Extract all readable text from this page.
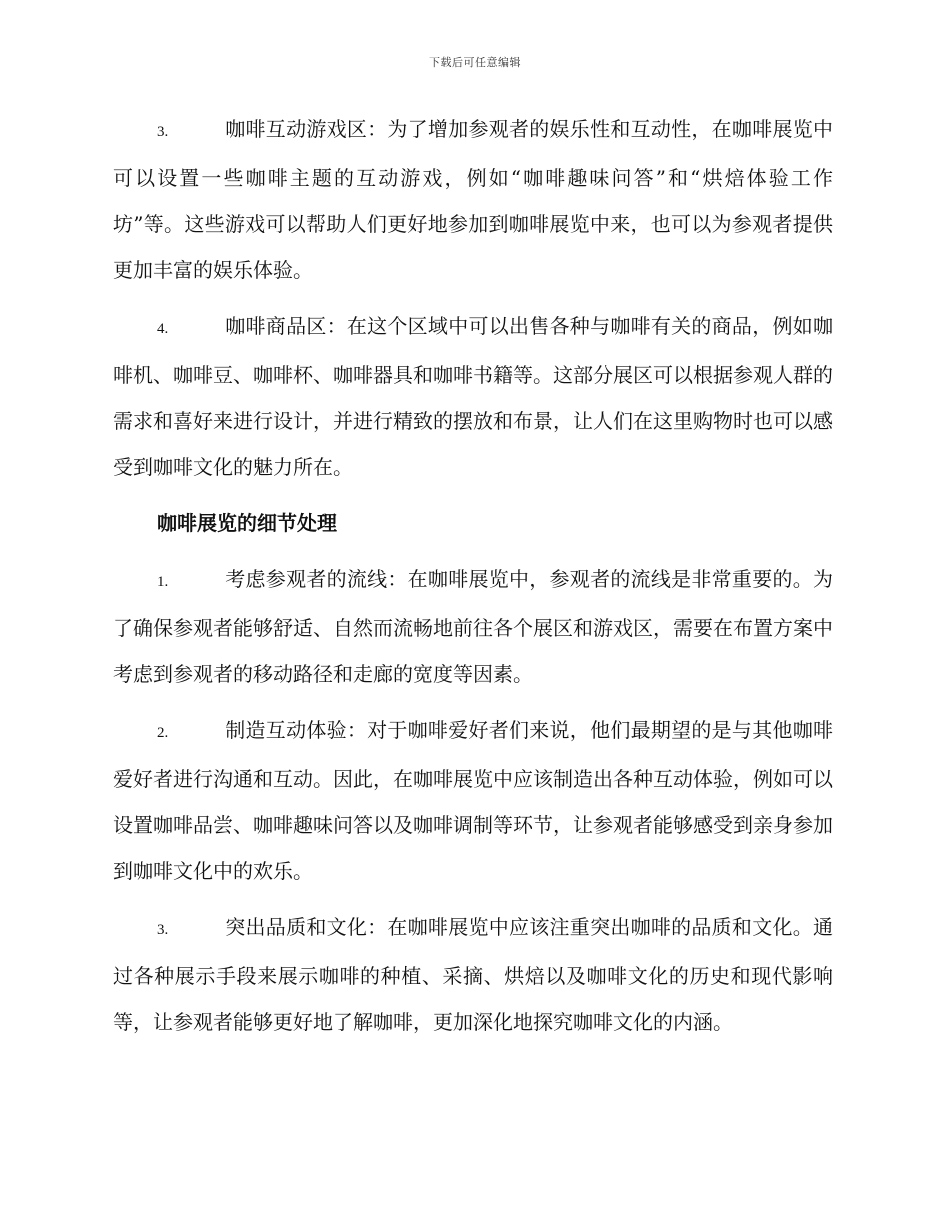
下载后可任意编辑

3.	咖啡互动游戏区：为了增加参观者的娱乐性和互动性，在咖啡展览中可以设置一些咖啡主题的互动游戏，例如“咖啡趣味问答”和“烘焙体验工作坊”等。这些游戏可以帮助人们更好地参加到咖啡展览中来，也可以为参观者提供更加丰富的娱乐体验。

4.	咖啡商品区：在这个区域中可以出售各种与咖啡有关的商品，例如咖啡机、咖啡豆、咖啡杯、咖啡器具和咖啡书籍等。这部分展区可以根据参观人群的需求和喜好来进行设计，并进行精致的摆放和布景，让人们在这里购物时也可以感受到咖啡文化的魅力所在。

咖啡展览的细节处理

1.	考虑参观者的流线：在咖啡展览中，参观者的流线是非常重要的。为了确保参观者能够舒适、自然而流畅地前往各个展区和游戏区，需要在布置方案中考虑到参观者的移动路径和走廊的宽度等因素。

2.	制造互动体验：对于咖啡爱好者们来说，他们最期望的是与其他咖啡爱好者进行沟通和互动。因此，在咖啡展览中应该制造出各种互动体验，例如可以设置咖啡品尝、咖啡趣味问答以及咖啡调制等环节，让参观者能够感受到亲身参加到咖啡文化中的欢乐。

3.	突出品质和文化：在咖啡展览中应该注重突出咖啡的品质和文化。通过各种展示手段来展示咖啡的种植、采摘、烘焙以及咖啡文化的历史和现代影响等，让参观者能够更好地了解咖啡，更加深化地探究咖啡文化的内涵。
